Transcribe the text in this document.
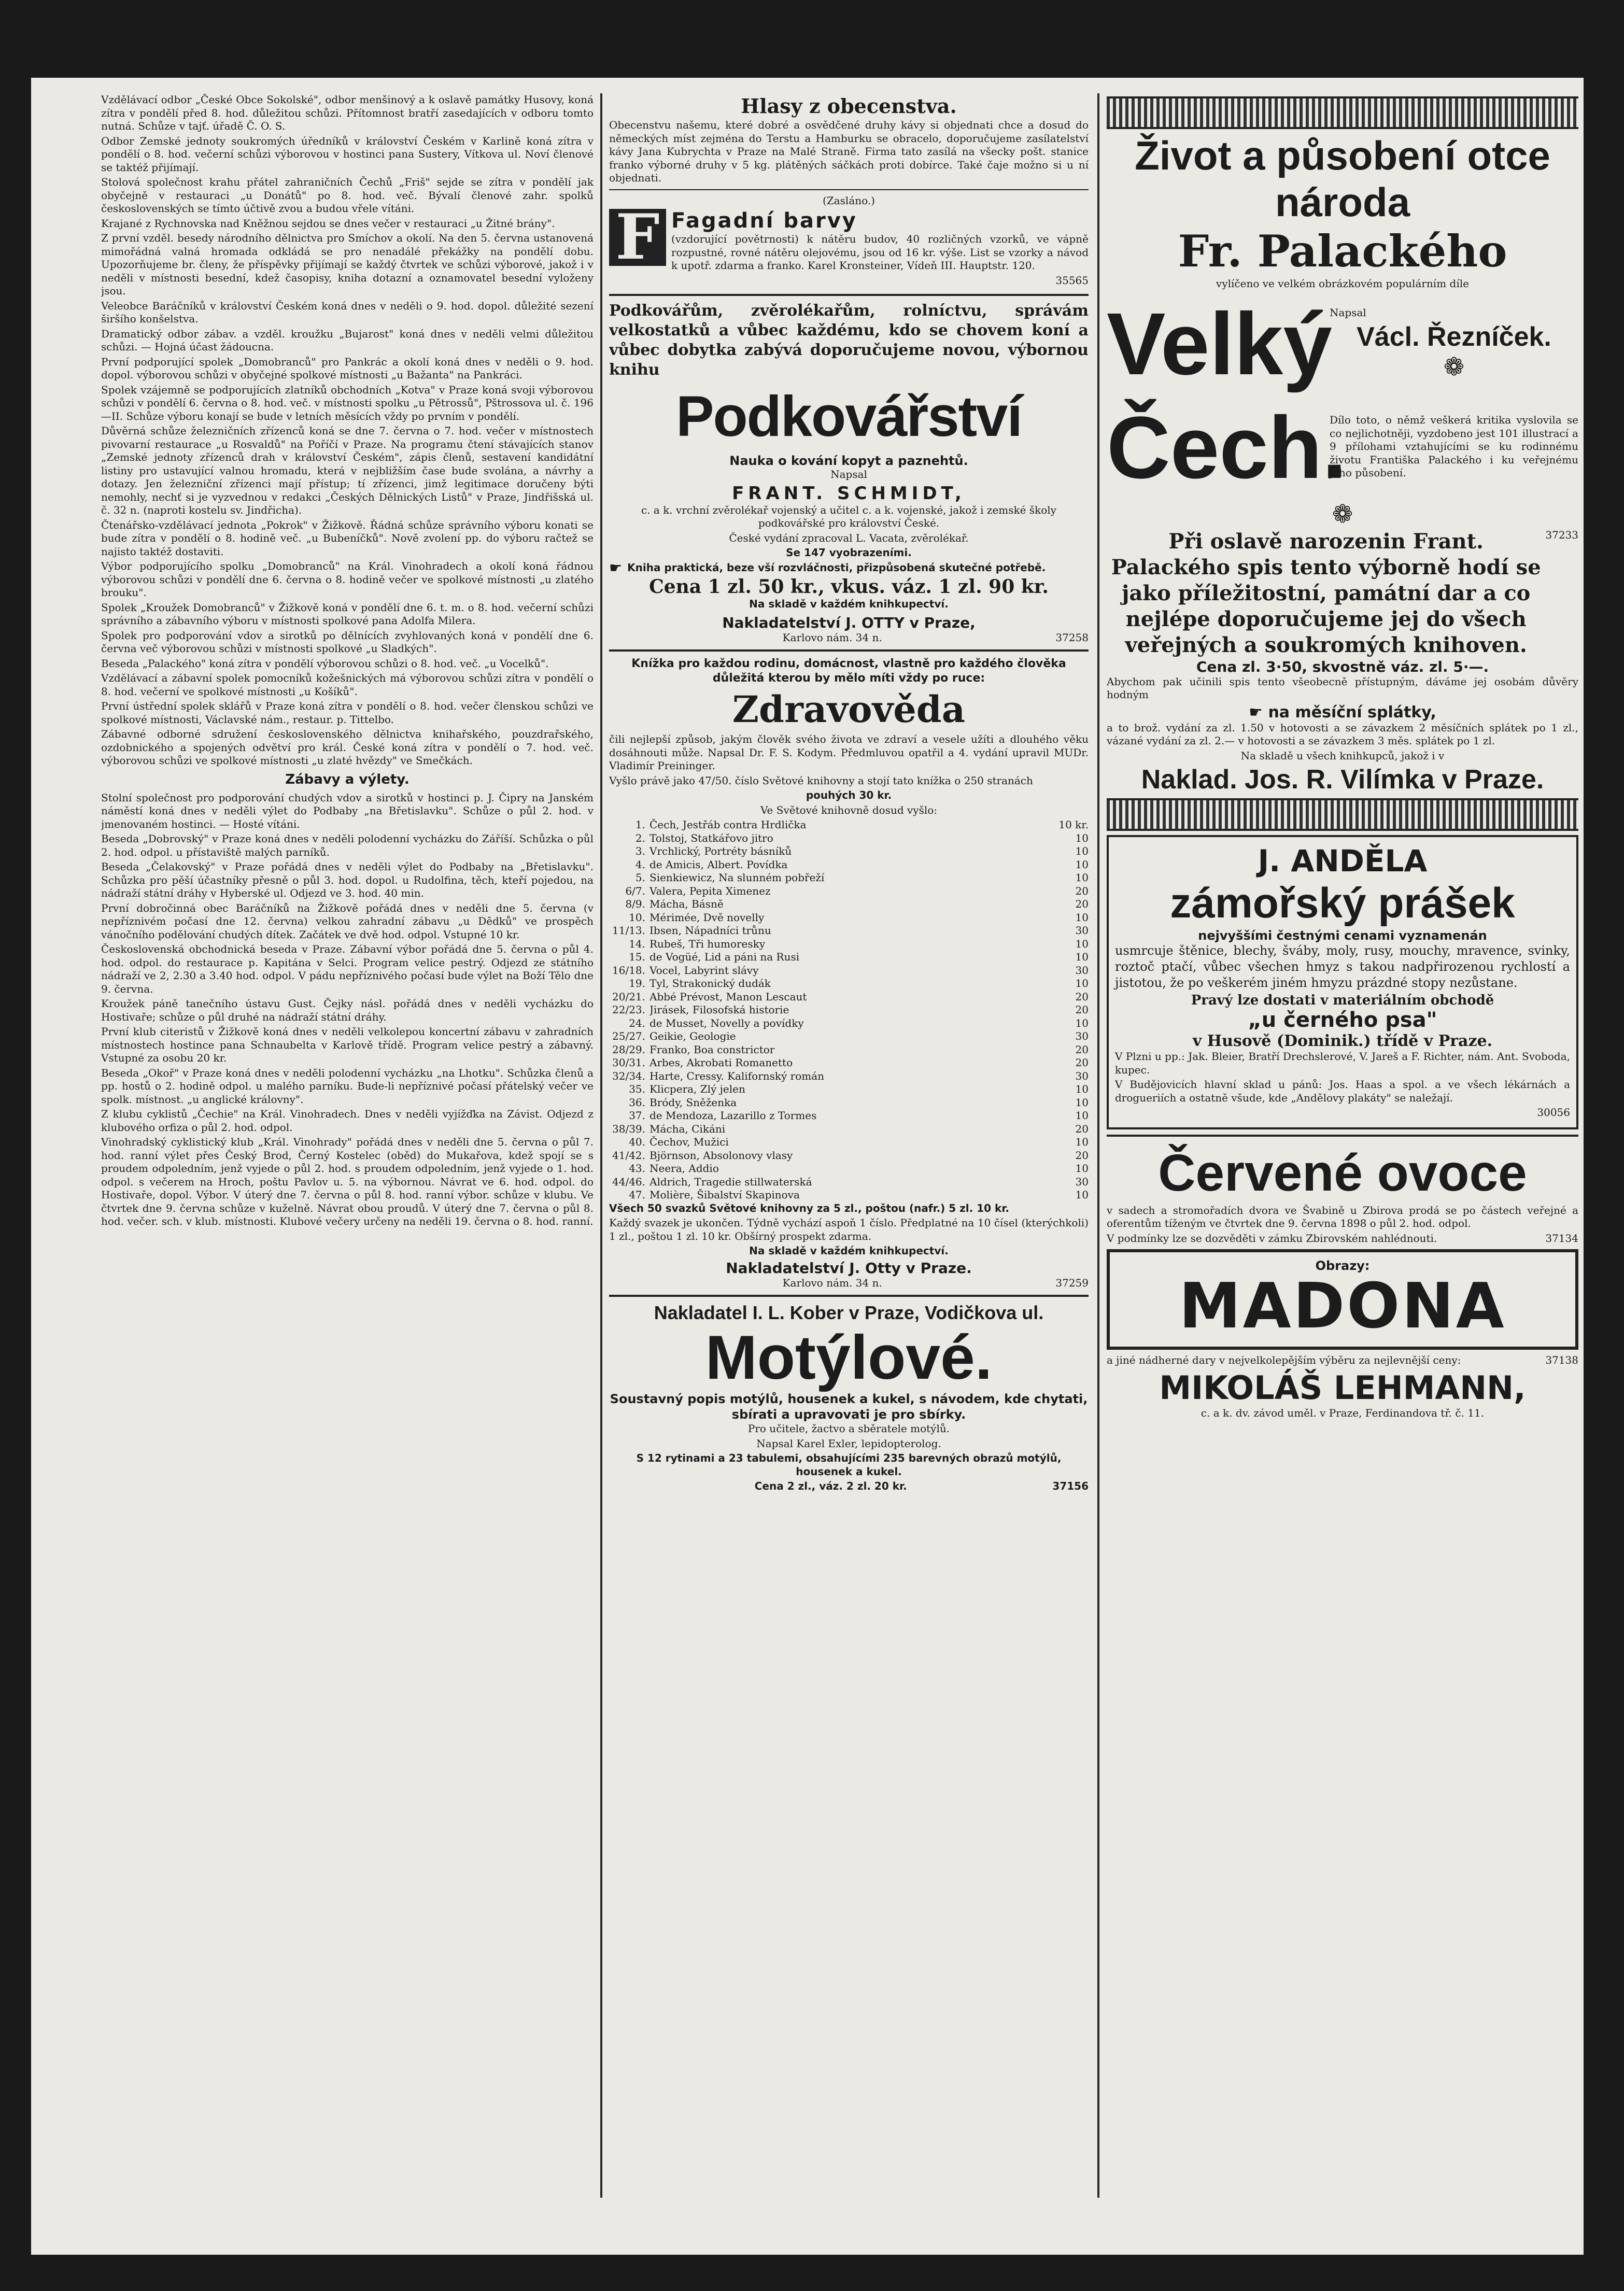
Vzdělávací odbor „České Obce Sokolské", odbor menšinový a k oslavě památky Husovy, koná zítra v pondělí před 8. hod. důležitou schůzi. Přítomnost bratří zasedajících v odboru tomto nutná. Schůze v tajť. úřadě Č. O. S.

Odbor Zemské jednoty soukromých úředníků v království Českém v Karlině koná zítra v pondělí o 8. hod. večerní schůzi výborovou v hostinci pana Sustery, Vítkova ul. Noví členové se taktéž přijímají.

Stolová společnost krahu přátel zahraničních Čechů „Friš" sejde se zítra v pondělí jak obyčejně v restauraci „u Donátů" po 8. hod. več. Bývalí členové zahr. spolků československých se tímto účtivě zvou a budou vřele vítáni.

Krajané z Rychnovska nad Kněžnou sejdou se dnes večer v restauraci „u Žitné brány".

Z první vzděl. besedy národního dělnictva pro Smíchov a okolí. Na den 5. června ustanovená mimořádná valná hromada odkládá se pro nenadálé překážky na pondělí dobu. Upozorňujeme br. členy, že příspěvky přijímají se každý čtvrtek ve schůzi výborové, jakož i v neděli v místnosti besední, kdež časopisy, kniha dotazní a oznamovatel besední vyloženy jsou.

Veleobce Baráčníků v království Českém koná dnes v neděli o 9. hod. dopol. důležité sezení širšího konšelstva.

Dramatický odbor zábav. a vzděl. kroužku „Bujarost" koná dnes v neděli velmi důležitou schůzi. — Hojná účast žádoucna.

První podporující spolek „Domobranců" pro Pankrác a okolí koná dnes v neděli o 9. hod. dopol. výborovou schůzi v obyčejné spolkové místnosti „u Bažanta" na Pankráci.

Spolek vzájemně se podporujících zlatníků obchodních „Kotva" v Praze koná svoji výborovou schůzi v pondělí 6. června o 8. hod. več. v místnosti spolku „u Pětrossů", Pštrossova ul. č. 196—II. Schůze výboru konají se bude v letních měsících vždy po prvním v pondělí.

Důvěrná schůze železničních zřízenců koná se dne 7. června o 7. hod. večer v místnostech pivovarní restaurace „u Rosvaldů" na Poříčí v Praze. Na programu čtení stávajících stanov „Zemské jednoty zřízenců drah v království Českém", zápis členů, sestavení kandidátní listiny pro ustavující valnou hromadu, která v nejbližším čase bude svolána, a návrhy a dotazy. Jen železniční zřízenci mají přístup; tí zřízenci, jimž legitimace doručeny býti nemohly, nechť si je vyzvednou v redakci „Českých Dělnických Listů" v Praze, Jindřišská ul. č. 32 n. (naproti kostelu sv. Jindřicha).

Čtenářsko-vzdělávací jednota „Pokrok" v Žižkově. Řádná schůze správního výboru konati se bude zítra v pondělí o 8. hodině več. „u Bubeníčků". Nově zvolení pp. do výboru račtež se najisto taktéž dostaviti.

Výbor podporujícího spolku „Domobranců" na Král. Vinohradech a okolí koná řádnou výborovou schůzi v pondělí dne 6. června o 8. hodině večer ve spolkové místnosti „u zlatého brouku".

Spolek „Kroužek Domobranců" v Žižkově koná v pondělí dne 6. t. m. o 8. hod. večerní schůzi správního a zábavního výboru v místnosti spolkové pana Adolfa Milera.

Spolek pro podporování vdov a sirotků po dělnících zvyhlovaných koná v pondělí dne 6. června več výborovou schůzi v místnosti spolkové „u Sladkých".

Beseda „Palackého" koná zítra v pondělí výborovou schůzi o 8. hod. več. „u Vocelků".

Vzdělávací a zábavní spolek pomocníků kožešnických má výborovou schůzi zítra v pondělí o 8. hod. večerní ve spolkové místnosti „u Košíků".

První ústřední spolek sklářů v Praze koná zítra v pondělí o 8. hod. večer členskou schůzi ve spolkové místnosti, Václavské nám., restaur. p. Tittelbo.

Zábavné odborné sdružení československého dělnictva knihařského, pouzdrařského, ozdobnického a spojených odvětví pro král. České koná zítra v pondělí o 7. hod. več. výborovou schůzi ve spolkové místnosti „u zlaté hvězdy" ve Smečkách.

Zábavy a výlety.

Stolní společnost pro podporování chudých vdov a sirotků v hostinci p. J. Čipry na Janském náměstí koná dnes v neděli výlet do Podbaby „na Břetislavku". Schůze o půl 2. hod. v jmenovaném hostinci. — Hosté vítáni.

Beseda „Dobrovský" v Praze koná dnes v neděli polodenní vycházku do Záříší. Schůzka o půl 2. hod. odpol. u přístaviště malých parníků.

Beseda „Čelakovský" v Praze pořádá dnes v neděli výlet do Podbaby na „Břetislavku". Schůzka pro pěší účastníky přesně o půl 3. hod. dopol. u Rudolfina, těch, kteří pojedou, na nádraží státní dráhy v Hyberské ul. Odjezd ve 3. hod. 40 min.

První dobročinná obec Baráčníků na Žižkově pořádá dnes v neděli dne 5. června (v nepříznivém počasí dne 12. června) velkou zahradní zábavu „u Dědků" ve prospěch vánočního podělování chudých dítek. Začátek ve dvě hod. odpol. Vstupné 10 kr.

Československá obchodnická beseda v Praze. Zábavní výbor pořádá dne 5. června o půl 4. hod. odpol. do restaurace p. Kapitána v Selci. Program velice pestrý. Odjezd ze státního nádraží ve 2, 2.30 a 3.40 hod. odpol. V pádu nepříznivého počasí bude výlet na Boží Tělo dne 9. června.

Kroužek páně tanečního ústavu Gust. Čejky násl. pořádá dnes v neděli vycházku do Hostivaře; schůze o půl druhé na nádraží státní dráhy.

První klub citeristů v Žižkově koná dnes v neděli velkolepou koncertní zábavu v zahradních místnostech hostince pana Schnaubelta v Karlově třídě. Program velice pestrý a zábavný. Vstupné za osobu 20 kr.

Beseda „Okoř" v Praze koná dnes v neděli polodenní vycházku „na Lhotku". Schůzka členů a pp. hostů o 2. hodině odpol. u malého parníku. Bude-li nepříznivé počasí přátelský večer ve spolk. místnost. „u anglické královny".

Z klubu cyklistů „Čechie" na Král. Vinohradech. Dnes v neděli vyjížďka na Závist. Odjezd z klubového orfiza o půl 2. hod. odpol.

Vinohradský cyklistický klub „Král. Vinohrady" pořádá dnes v neděli dne 5. června o půl 7. hod. ranní výlet přes Český Brod, Černý Kostelec (oběd) do Mukařova, kdež spojí se s proudem odpoledním, jenž vyjede o půl 2. hod. s proudem odpoledním, jenž vyjede o 1. hod. odpol. s večerem na Hroch, poštu Pavlov u. 5. na výbornou. Návrat ve 6. hod. odpol. do Hostivaře, dopol. Výbor. V úterý dne 7. června o půl 8. hod. ranní výbor. schůze v klubu. Ve čtvrtek dne 9. června schůze v kuželně. Návrat obou proudů. V úterý dne 7. června o půl 8. hod. večer. sch. v klub. místnosti. Klubové večery určeny na neděli 19. června o 8. hod. ranní.

Hlasy z obecenstva.

Obecenstvu našemu, které dobré a osvědčené druhy kávy si objednati chce a dosud do německých míst zejména do Terstu a Hamburku se obracelo, doporučujeme zasílatelství kávy Jana Kubrychta v Praze na Malé Straně. Firma tato zasílá na všecky pošt. stanice franko výborné druhy v 5 kg. plátěných sáčkách proti dobírce. Také čaje možno si u ní objednati.

(Zasláno.)
F Fagadní barvy

(vzdorující povětrnosti) k nátěru budov, 40 rozličných vzorků, ve vápně rozpustné, rovné nátěru olejovému, jsou od 16 kr. výše. List se vzorky a návod k upotř. zdarma a franko. Karel Kronsteiner, Vídeň III. Hauptstr. 120.

35565
Podkovářům, zvěrolékařům, rolníctvu, správám velkostatků a vůbec každému, kdo se chovem koní a vůbec dobytka zabývá doporučujeme novou, výbornou knihu
Podkovářství
Nauka o kování kopyt a paznehtů.
Napsal
FRANT. SCHMIDT,

c. a k. vrchní zvěrolékař vojenský a učitel c. a k. vojenské, jakož i zemské školy podkovářské pro království České.

České vydání zpracoval L. Vacata, zvěrolékař.
Se 147 vyobrazeními.
☛ Kniha praktická, beze vší rozvláčnosti, přizpůsobená skutečné potřebě.
Cena 1 zl. 50 kr., vkus. váz. 1 zl. 90 kr.
Na skladě v každém knihkupectví.
Nakladatelství J. OTTY v Praze,
Karlovo nám. 34 n.	37258
Knížka pro každou rodinu, domácnost, vlastně pro každého člověka důležitá kterou by mělo míti vždy po ruce:
Zdravověda

čili nejlepší způsob, jakým člověk svého života ve zdraví a vesele užíti a dlouhého věku dosáhnouti může. Napsal Dr. F. S. Kodym. Předmluvou opatřil a 4. vydání upravil MUDr. Vladimír Preininger.

Vyšlo právě jako 47/50. číslo Světové knihovny a stojí tato knížka o 250 stranách

pouhých 30 kr.
Ve Světové knihovně dosud vyšlo:
1. Čech, Jestřáb contra Hrdlička	10 kr.
2. Tolstoj, Statkářovo jitro	10
3. Vrchlický, Portréty básníků	10
4. de Amicis, Albert. Povídka	10
5. Sienkiewicz, Na slunném pobřeží	10
6/7. Valera, Pepita Ximenez	20
8/9. Mácha, Básně	20
10. Mérimée, Dvě novelly	10
11/13. Ibsen, Nápadníci trůnu	30
14. Rubeš, Tři humoresky	10
15. de Vogüé, Lid a páni na Rusi	10
16/18. Vocel, Labyrint slávy	30
19. Tyl, Strakonický dudák	10
20/21. Abbé Prévost, Manon Lescaut	20
22/23. Jirásek, Filosofská historie	20
24. de Musset, Novelly a povídky	10
25/27. Geikie, Geologie	30
28/29. Franko, Boa constrictor	20
30/31. Arbes, Akrobati Romanetto	20
32/34. Harte, Cressy. Kalifornský román	30
35. Klicpera, Zlý jelen	10
36. Bródy, Sněženka	10
37. de Mendoza, Lazarillo z Tormes	10
38/39. Mácha, Cikáni	20
40. Čechov, Mužici	10
41/42. Björnson, Absolonovy vlasy	20
43. Neera, Addio	10
44/46. Aldrich, Tragedie stillwaterská	30
47. Molière, Šibalství Skapinova	10

Všech 50 svazků Světové knihovny za 5 zl., poštou (nafr.) 5 zl. 10 kr.

Každý svazek je ukončen. Týdně vychází aspoň 1 číslo. Předplatné na 10 čísel (kterýchkoli) 1 zl., poštou 1 zl. 10 kr. Obšírný prospekt zdarma.

Na skladě v každém knihkupectví.
Nakladatelství J. Otty v Praze.
Karlovo nám. 34 n.	37259
Nakladatel I. L. Kober v Praze, Vodičkova ul.
Motýlové.
Soustavný popis motýlů, housenek a kukel, s návodem, kde chytati, sbírati a upravovati je pro sbírky.
Pro učitele, žactvo a sběratele motýlů.
Napsal Karel Exler, lepidopterolog.
S 12 rytinami a 23 tabulemi, obsahujícími 235 barevných obrazů motýlů, housenek a kukel.
Cena 2 zl., váz. 2 zl. 20 kr.	37156
Život a působení otce národa
Fr. Palackého
vylíčeno ve velkém obrázkovém populárním díle
Velký
Napsal
Václ. Řezníček.
❁
Čech.

Dílo toto, o němž veškerá kritika vyslovila se co nejlichotněji, vyzdobeno jest 101 illustrací a 9 přílohami vztahujícími se ku rodinnému životu Františka Palackého i ku veřejnému jeho působení.

❁
Při oslavě narozenin Frant. Palackého spis tento výborně hodí se jako příležitostní, památní dar a co nejlépe doporučujeme jej do všech veřejných a soukromých knihoven.
37233
Cena zl. 3·50, skvostně váz. zl. 5·—.

Abychom pak učinili spis tento všeobecně přístupným, dáváme jej osobám důvěry hodným

☛ na měsíční splátky,

a to brož. vydání za zl. 1.50 v hotovosti a se závazkem 2 měsíčních splátek po 1 zl., vázané vydání za zl. 2.— v hotovosti a se závazkem 3 měs. splátek po 1 zl.

Na skladě u všech knihkupců, jakož i v
Naklad. Jos. R. Vilímka v Praze.
J. ANDĚLA
zámořský prášek
nejvyššími čestnými cenami vyznamenán

usmrcuje štěnice, blechy, šváby, moly, rusy, mouchy, mravence, svinky, roztoč ptačí, vůbec všechen hmyz s takou nadpřirozenou rychlostí a jistotou, že po veškerém jiném hmyzu prázdné stopy nezůstane.

Pravý lze dostati v materiálním obchodě
„u černého psa"
v Husově (Dominik.) třídě v Praze.

V Plzni u pp.: Jak. Bleier, Bratří Drechslerové, V. Jareš a F. Richter, nám. Ant. Svoboda, kupec.

V Budějovicích hlavní sklad u pánů: Jos. Haas a spol. a ve všech lékárnách a drogueriích a ostatně všude, kde „Andělovy plakáty" se naležají.

30056
Červené ovoce

v sadech a stromořadích dvora ve Švabině u Zbirova prodá se po částech veřejné a oferentům tíženým ve čtvrtek dne 9. června 1898 o půl 2. hod. odpol.

V podmínky lze se dozvěděti v zámku Zbirovském nahlédnouti.	37134
Obrazy:
MADONA
a jiné nádherné dary v nejvelkolepějším výběru za nejlevnější ceny:	37138
MIKOLÁŠ LEHMANN,
c. a k. dv. závod uměl. v Praze, Ferdinandova tř. č. 11.
